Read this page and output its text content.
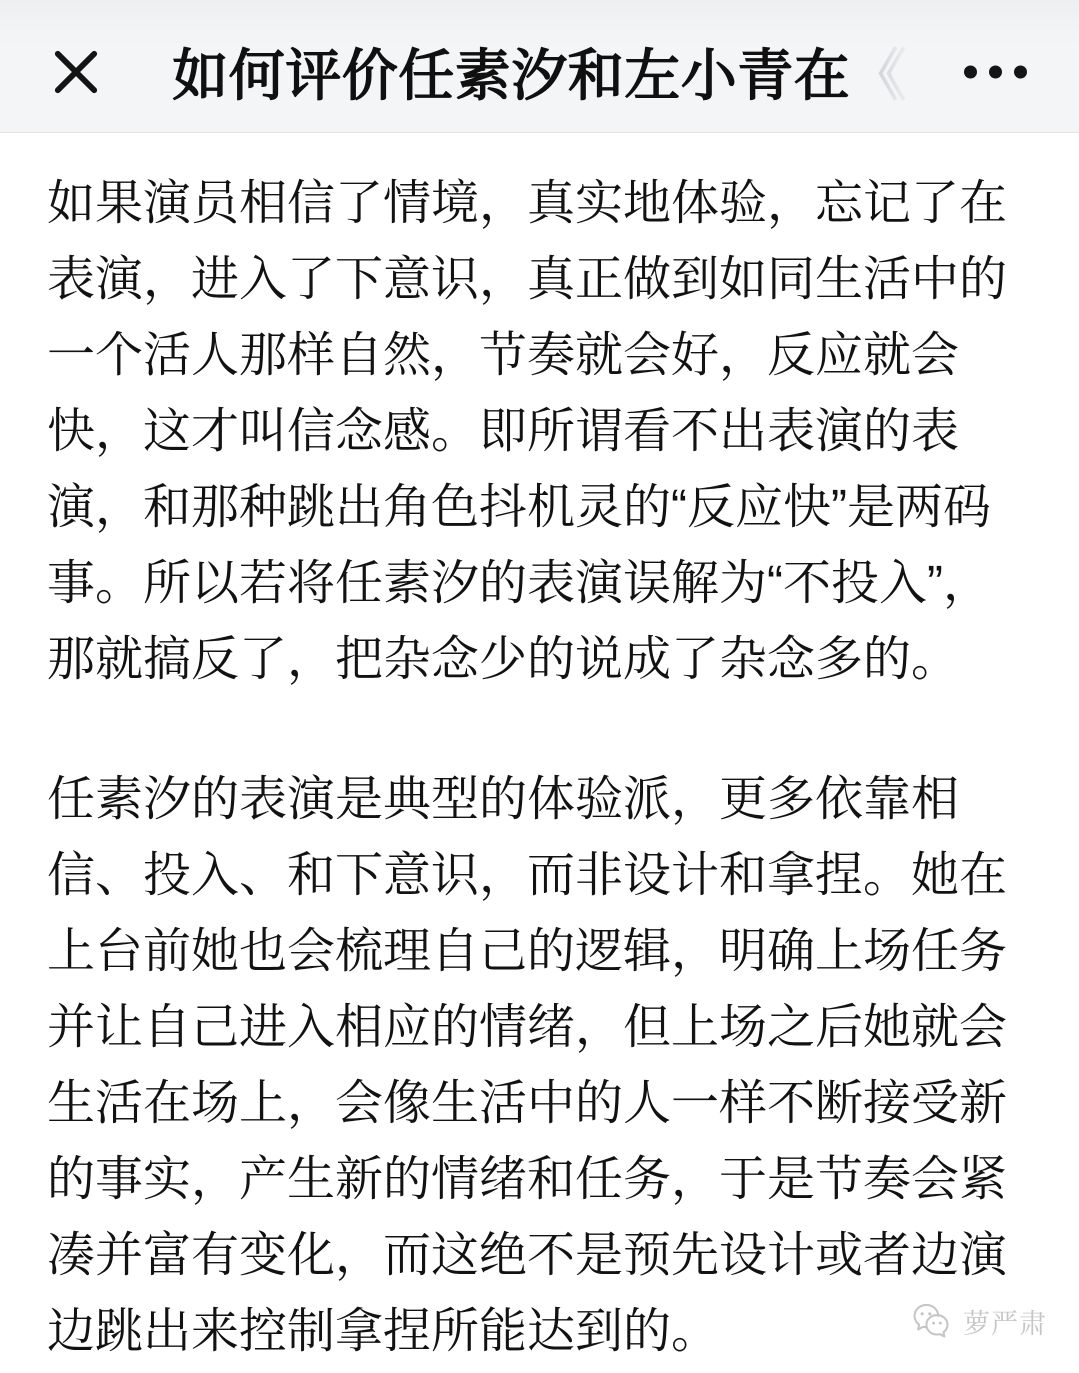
如何评价任素汐和左小青在《

如果演员相信了情境，真实地体验，忘记了在表演，进入了下意识，真正做到如同生活中的一个活人那样自然，节奏就会好，反应就会快，这才叫信念感。即所谓看不出表演的表演，和那种跳出角色抖机灵的“反应快”是两码事。所以若将任素汐的表演误解为“不投入”，那就搞反了，把杂念少的说成了杂念多的。

任素汐的表演是典型的体验派，更多依靠相信、投入、和下意识，而非设计和拿捏。她在上台前她也会梳理自己的逻辑，明确上场任务并让自己进入相应的情绪，但上场之后她就会生活在场上，会像生活中的人一样不断接受新的事实，产生新的情绪和任务，于是节奏会紧凑并富有变化，而这绝不是预先设计或者边演边跳出来控制拿捏所能达到的。	萝严肃
